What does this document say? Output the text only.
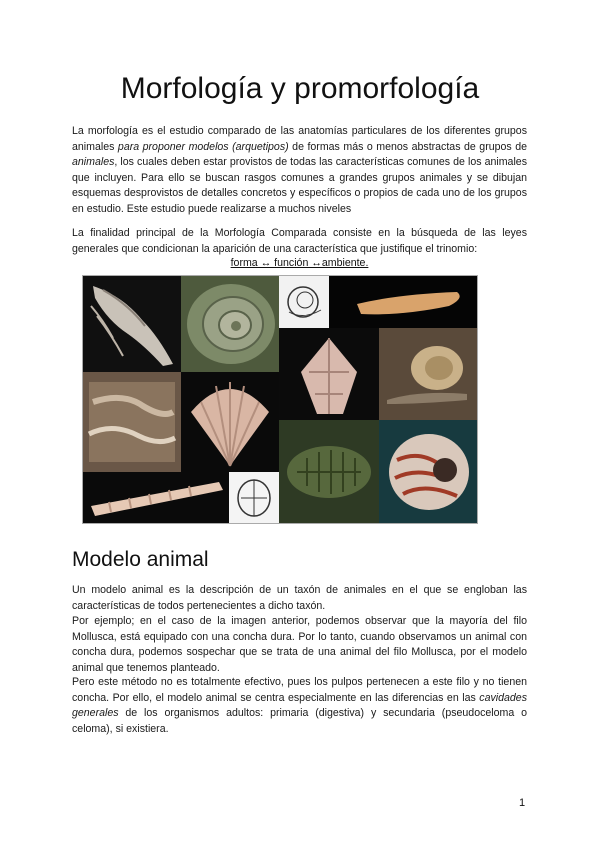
Morfología y promorfología

La morfología es el estudio comparado de las anatomías particulares de los diferentes grupos animales para proponer modelos (arquetipos) de formas más o menos abstractas de grupos de animales, los cuales deben estar provistos de todas las características comunes de los animales que incluyen. Para ello se buscan rasgos comunes a grandes grupos animales y se dibujan esquemas desprovistos de detalles concretos y específicos o propios de cada uno de los grupos en estudio. Este estudio puede realizarse a muchos niveles

La finalidad principal de la Morfología Comparada consiste en la búsqueda de las leyes generales que condicionan la aparición de una característica que justifique el trinomio:

forma ↔ función ↔ambiente.

Modelo animal

Un modelo animal es la descripción de un taxón de animales en el que se engloban las características de todos pertenecientes a dicho taxón.

Por ejemplo; en el caso de la imagen anterior, podemos observar que la mayoría del filo Mollusca, está equipado con una concha dura. Por lo tanto, cuando observamos un animal con concha dura, podemos sospechar que se trata de una animal del filo Mollusca, por el modelo animal que tenemos planteado.

Pero este método no es totalmente efectivo, pues los pulpos pertenecen a este filo y no tienen concha. Por ello, el modelo animal se centra especialmente en las diferencias en las cavidades generales de los organismos adultos: primaria (digestiva) y secundaria (pseudoceloma o celoma), si existiera.

1
